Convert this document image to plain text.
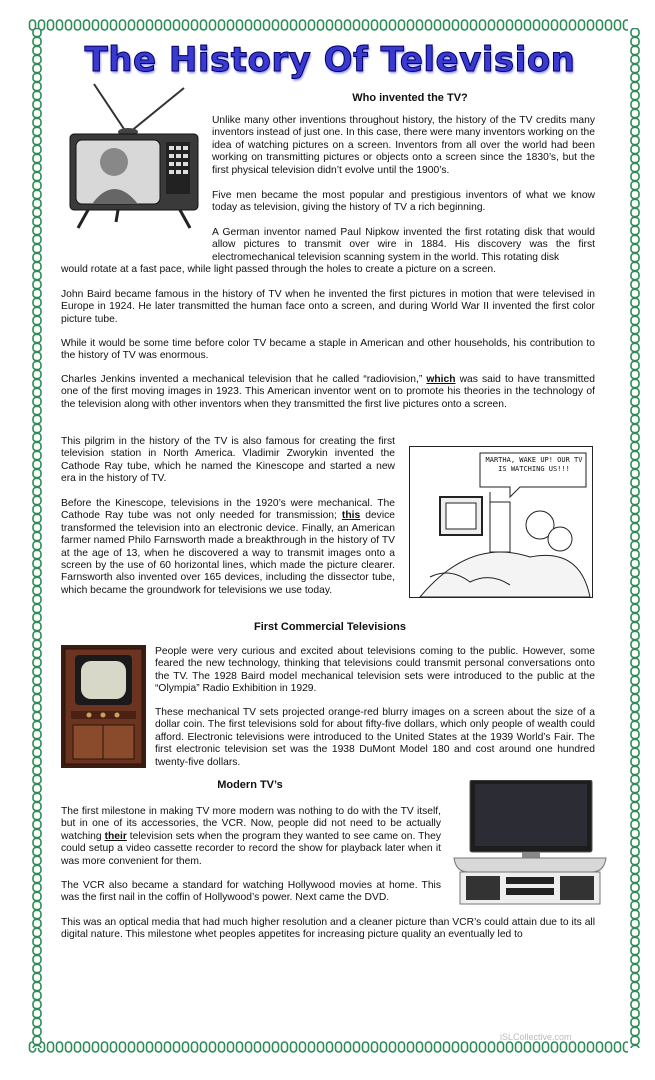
The History Of Television
Who invented the TV?
Unlike many other inventions throughout history, the history of the TV credits many inventors instead of just one. In this case, there were many inventors working on the idea of watching pictures on a screen. Inventors from all over the world had been working on transmitting pictures or objects onto a screen since the 1830’s, but the first physical television didn’t evolve until the 1900’s.
Five men became the most popular and prestigious inventors of what we know today as television, giving the history of TV a rich beginning.
A German inventor named Paul Nipkow invented the first rotating disk that would allow pictures to transmit over wire in 1884. His discovery was the first electromechanical television scanning system in the world. This rotating disk
would rotate at a fast pace, while light passed through the holes to create a picture on a screen.
John Baird became famous in the history of TV when he invented the first pictures in motion that were televised in Europe in 1924. He later transmitted the human face onto a screen, and during World War II invented the first color picture tube.
While it would be some time before color TV became a staple in American and other households, his contribution to the history of TV was enormous.
Charles Jenkins invented a mechanical television that he called “radiovision,” which was said to have transmitted one of the first moving images in 1923. This American inventor went on to promote his theories in the technology of the television along with other inventors when they transmitted the first live pictures onto a screen.
This pilgrim in the history of the TV is also famous for creating the first television station in North America. Vladimir Zworykin invented the Cathode Ray tube, which he named the Kinescope and started a new era in the history of TV.
Before the Kinescope, televisions in the 1920’s were mechanical. The Cathode Ray tube was not only needed for transmission; this device transformed the television into an electronic device. Finally, an American farmer named Philo Farnsworth made a breakthrough in the history of TV at the age of 13, when he discovered a way to transmit images onto a screen by the use of 60 horizontal lines, which made the picture clearer. Farnsworth also invented over 165 devices, including the dissector tube, which became the groundwork for televisions we use today.
MARTHA, WAKE UP! OUR TV IS WATCHING US!!!
First Commercial Televisions
People were very curious and excited about televisions coming to the public. However, some feared the new technology, thinking that televisions could transmit personal conversations onto the TV. The 1928 Baird model mechanical television sets were introduced to the public at the “Olympia” Radio Exhibition in 1929.
These mechanical TV sets projected orange-red blurry images on a screen about the size of a dollar coin. The first televisions sold for about fifty-five dollars, which only people of wealth could afford. Electronic televisions were introduced to the United States at the 1939 World’s Fair. The first electronic television set was the 1938 DuMont Model 180 and cost around one hundred twenty-five dollars.
Modern TV’s
The first milestone in making TV more modern was nothing to do with the TV itself, but in one of its accessories, the VCR. Now, people did not need to be actually watching their television sets when the program they wanted to see came on. They could setup a video cassette recorder to record the show for playback later when it was more convenient for them.
The VCR also became a standard for watching Hollywood movies at home. This was the first nail in the coffin of Hollywood’s power. Next came the DVD.
This was an optical media that had much higher resolution and a cleaner picture than VCR’s could attain due to its all digital nature. This milestone whet peoples appetites for increasing picture quality an eventually led to
iSLCollective.com
